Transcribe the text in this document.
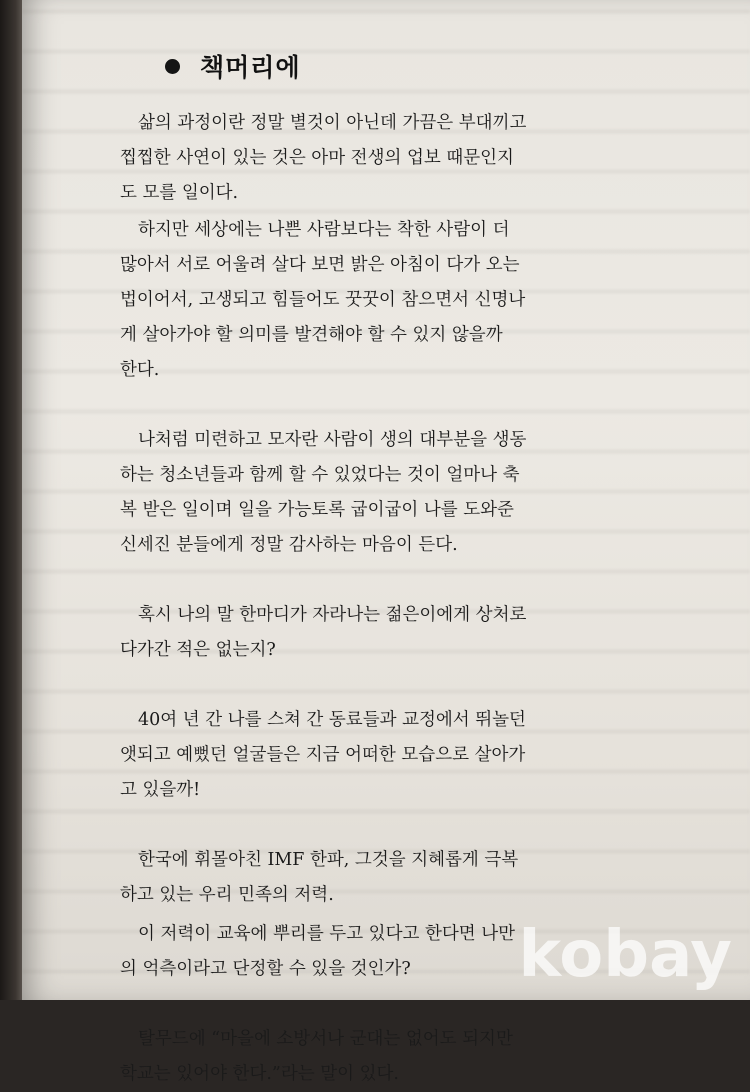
책머리에

삶의 과정이란 정말 별것이 아닌데 가끔은 부대끼고
찝찝한 사연이 있는 것은 아마 전생의 업보 때문인지
도 모를 일이다.

하지만 세상에는 나쁜 사람보다는 착한 사람이 더
많아서 서로 어울려 살다 보면 밝은 아침이 다가 오는
법이어서, 고생되고 힘들어도 꿋꿋이 참으면서 신명나
게 살아가야 할 의미를 발견해야 할 수 있지 않을까
한다.

나처럼 미련하고 모자란 사람이 생의 대부분을 생동
하는 청소년들과 함께 할 수 있었다는 것이 얼마나 축
복 받은 일이며 일을 가능토록 굽이굽이 나를 도와준
신세진 분들에게 정말 감사하는 마음이 든다.

혹시 나의 말 한마디가 자라나는 젊은이에게 상처로
다가간 적은 없는지?

40여 년 간 나를 스쳐 간 동료들과 교정에서 뛰놀던
앳되고 예뻤던 얼굴들은 지금 어떠한 모습으로 살아가
고 있을까!

한국에 휘몰아친 IMF 한파, 그것을 지혜롭게 극복
하고 있는 우리 민족의 저력.

이 저력이 교육에 뿌리를 두고 있다고 한다면 나만
의 억측이라고 단정할 수 있을 것인가?

탈무드에 “마을에 소방서나 군대는 없어도 되지만
학교는 있어야 한다.”라는 말이 있다.

kobay
